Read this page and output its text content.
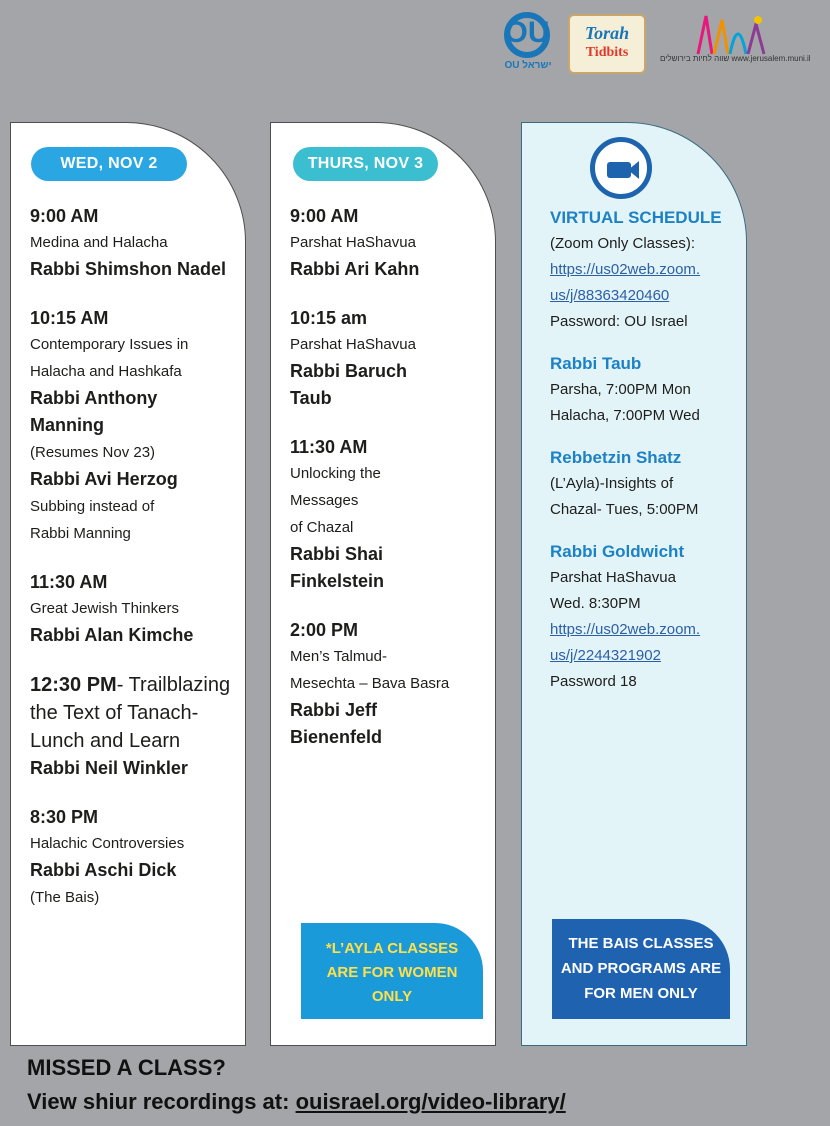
OU
OU ישראל
Torah
Tidbits	שווה לחיות בירושלים	www.jerusalem.muni.il
WED, NOV 2
9:00 AM
Medina and Halacha
Rabbi Shimshon Nadel
10:15 AM
Contemporary Issues in
Halacha and Hashkafa
Rabbi Anthony
Manning
(Resumes Nov 23)
Rabbi Avi Herzog
Subbing instead of
Rabbi Manning
11:30 AM
Great Jewish Thinkers
Rabbi Alan Kimche
12:30 PM- Trailblazing
the Text of Tanach-
Lunch and Learn
Rabbi Neil Winkler
8:30 PM
Halachic Controversies
Rabbi Aschi Dick
(The Bais)
THURS, NOV 3
9:00 AM
Parshat HaShavua
Rabbi Ari Kahn
10:15 am
Parshat HaShavua
Rabbi Baruch
Taub
11:30 AM
Unlocking the
Messages
of Chazal
Rabbi Shai
Finkelstein
2:00 PM
Men’s Talmud-
Mesechta – Bava Basra
Rabbi Jeff
Bienenfeld
*L’AYLA CLASSES
ARE FOR WOMEN
ONLY
VIRTUAL SCHEDULE
(Zoom Only Classes):
https://us02web.zoom.
us/j/88363420460
Password: OU Israel
Rabbi Taub
Parsha, 7:00PM Mon
Halacha, 7:00PM Wed
Rebbetzin Shatz
(L’Ayla)-Insights of
Chazal- Tues, 5:00PM
Rabbi Goldwicht
Parshat HaShavua
Wed. 8:30PM
https://us02web.zoom.
us/j/2244321902
Password 18
THE BAIS CLASSES
AND PROGRAMS ARE
FOR MEN ONLY
MISSED A CLASS?
View shiur recordings at: ouisrael.org/video-library/
